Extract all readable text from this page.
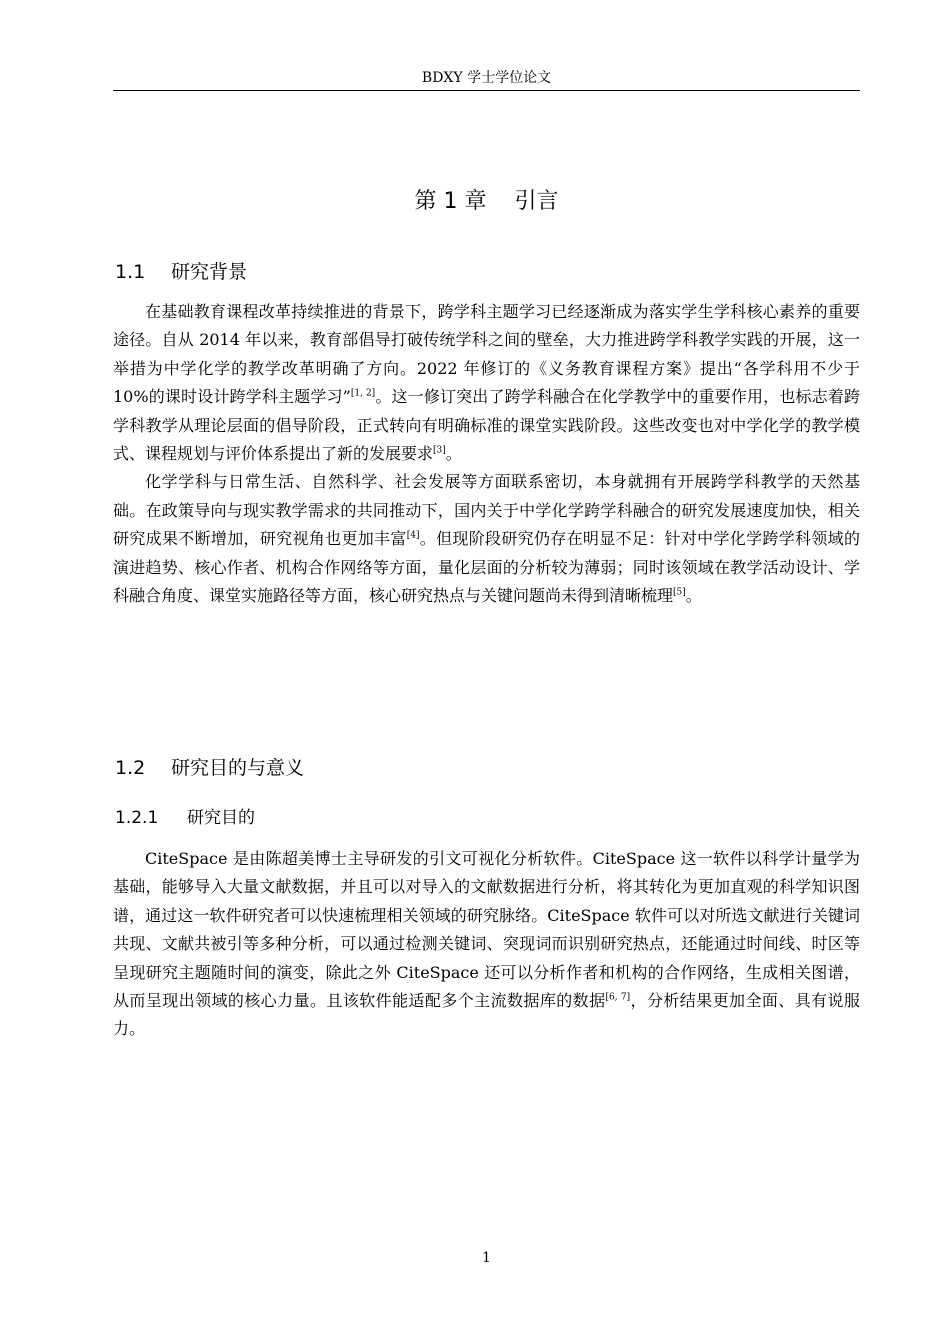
BDXY 学士学位论文
第 1 章    引言
1.1 研究背景

在基础教育课程改革持续推进的背景下，跨学科主题学习已经逐渐成为落实学生学科核心素养的重要途径。自从 2014 年以来，教育部倡导打破传统学科之间的壁垒，大力推进跨学科教学实践的开展，这一举措为中学化学的教学改革明确了方向。2022 年修订的《义务教育课程方案》提出“各学科用不少于 10%的课时设计跨学科主题学习”[1, 2]。这一修订突出了跨学科融合在化学教学中的重要作用，也标志着跨学科教学从理论层面的倡导阶段，正式转向有明确标准的课堂实践阶段。这些改变也对中学化学的教学模式、课程规划与评价体系提出了新的发展要求[3]。

化学学科与日常生活、自然科学、社会发展等方面联系密切，本身就拥有开展跨学科教学的天然基础。在政策导向与现实教学需求的共同推动下，国内关于中学化学跨学科融合的研究发展速度加快，相关研究成果不断增加，研究视角也更加丰富[4]。但现阶段研究仍存在明显不足：针对中学化学跨学科领域的演进趋势、核心作者、机构合作网络等方面，量化层面的分析较为薄弱；同时该领域在教学活动设计、学科融合角度、课堂实施路径等方面，核心研究热点与关键问题尚未得到清晰梳理[5]。

1.2 研究目的与意义
1.2.1 研究目的

CiteSpace 是由陈超美博士主导研发的引文可视化分析软件。CiteSpace 这一软件以科学计量学为基础，能够导入大量文献数据，并且可以对导入的文献数据进行分析，将其转化为更加直观的科学知识图谱，通过这一软件研究者可以快速梳理相关领域的研究脉络。CiteSpace 软件可以对所选文献进行关键词共现、文献共被引等多种分析，可以通过检测关键词、突现词而识别研究热点，还能通过时间线、时区等呈现研究主题随时间的演变，除此之外 CiteSpace 还可以分析作者和机构的合作网络，生成相关图谱，从而呈现出领域的核心力量。且该软件能适配多个主流数据库的数据[6, 7]，分析结果更加全面、具有说服力。

1
